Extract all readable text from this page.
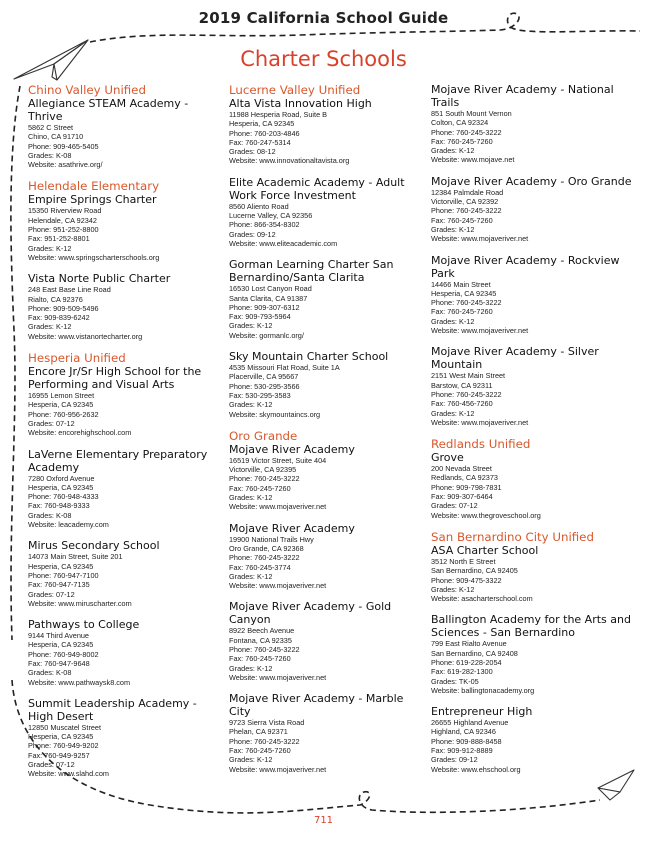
2019 California School Guide
Charter Schools
Chino Valley Unified
Allegiance STEAM Academy - Thrive
5862 C Street
Chino, CA 91710
Phone: 909-465-5405
Grades: K-08
Website: asathrive.org/
Helendale Elementary
Empire Springs Charter
15350 Riverview Road
Helendale, CA 92342
Phone: 951-252-8800
Fax: 951-252-8801
Grades: K-12
Website: www.springscharterschools.org
Vista Norte Public Charter
248 East Base Line Road
Rialto, CA 92376
Phone: 909-509-5496
Fax: 909-839-6242
Grades: K-12
Website: www.vistanortecharter.org
Hesperia Unified
Encore Jr/Sr High School for the Performing and Visual Arts
16955 Lemon Street
Hesperia, CA 92345
Phone: 760-956-2632
Grades: 07-12
Website: encorehighschool.com
LaVerne Elementary Preparatory Academy
7280 Oxford Avenue
Hesperia, CA 92345
Phone: 760-948-4333
Fax: 760-948-9333
Grades: K-08
Website: leacademy.com
Mirus Secondary School
14073 Main Street, Suite 201
Hesperia, CA 92345
Phone: 760-947-7100
Fax: 760-947-7135
Grades: 07-12
Website: www.miruscharter.com
Pathways to College
9144 Third Avenue
Hesperia, CA 92345
Phone: 760-949-8002
Fax: 760-947-9648
Grades: K-08
Website: www.pathwaysk8.com
Summit Leadership Academy - High Desert
12850 Muscatel Street
Hesperia, CA 92345
Phone: 760-949-9202
Fax: 760-949-9257
Grades: 07-12
Website: www.slahd.com
Lucerne Valley Unified
Alta Vista Innovation High
11988 Hesperia Road, Suite B
Hesperia, CA 92345
Phone: 760-203-4846
Fax: 760-247-5314
Grades: 08-12
Website: www.innovationaltavista.org
Elite Academic Academy - Adult Work Force Investment
8560 Aliento Road
Lucerne Valley, CA 92356
Phone: 866-354-8302
Grades: 09-12
Website: www.eliteacademic.com
Gorman Learning Charter San Bernardino/Santa Clarita
16530 Lost Canyon Road
Santa Clarita, CA 91387
Phone: 909-307-6312
Fax: 909-793-5964
Grades: K-12
Website: gormanlc.org/
Sky Mountain Charter School
4535 Missouri Flat Road, Suite 1A
Placerville, CA 95667
Phone: 530-295-3566
Fax: 530-295-3583
Grades: K-12
Website: skymountaincs.org
Oro Grande
Mojave River Academy
16519 Victor Street, Suite 404
Victorville, CA 92395
Phone: 760-245-3222
Fax: 760-245-7260
Grades: K-12
Website: www.mojaveriver.net
Mojave River Academy
19900 National Trails Hwy
Oro Grande, CA 92368
Phone: 760-245-3222
Fax: 760-245-3774
Grades: K-12
Website: www.mojaveriver.net
Mojave River Academy - Gold Canyon
8922 Beech Avenue
Fontana, CA 92335
Phone: 760-245-3222
Fax: 760-245-7260
Grades: K-12
Website: www.mojaveriver.net
Mojave River Academy - Marble City
9723 Sierra Vista Road
Phelan, CA 92371
Phone: 760-245-3222
Fax: 760-245-7260
Grades: K-12
Website: www.mojaveriver.net
Mojave River Academy - National Trails
851 South Mount Vernon
Colton, CA 92324
Phone: 760-245-3222
Fax: 760-245-7260
Grades: K-12
Website: www.mojave.net
Mojave River Academy - Oro Grande
12384 Palmdale Road
Victorville, CA 92392
Phone: 760-245-3222
Fax: 760-245-7260
Grades: K-12
Website: www.mojaveriver.net
Mojave River Academy - Rockview Park
14466 Main Street
Hesperia, CA 92345
Phone: 760-245-3222
Fax: 760-245-7260
Grades: K-12
Website: www.mojaveriver.net
Mojave River Academy - Silver Mountain
2151 West Main Street
Barstow, CA 92311
Phone: 760-245-3222
Fax: 760-456-7260
Grades: K-12
Website: www.mojaveriver.net
Redlands Unified
Grove
200 Nevada Street
Redlands, CA 92373
Phone: 909-798-7831
Fax: 909-307-6464
Grades: 07-12
Website: www.thegroveschool.org
San Bernardino City Unified
ASA Charter School
3512 North E Street
San Bernardino, CA 92405
Phone: 909-475-3322
Grades: K-12
Website: asacharterschool.com
Ballington Academy for the Arts and Sciences - San Bernardino
799 East Rialto Avenue
San Bernardino, CA 92408
Phone: 619-228-2054
Fax: 619-282-1300
Grades: TK-05
Website: ballingtonacademy.org
Entrepreneur High
26655 Highland Avenue
Highland, CA 92346
Phone: 909-888-8458
Fax: 909-912-8889
Grades: 09-12
Website: www.ehschool.org
711
